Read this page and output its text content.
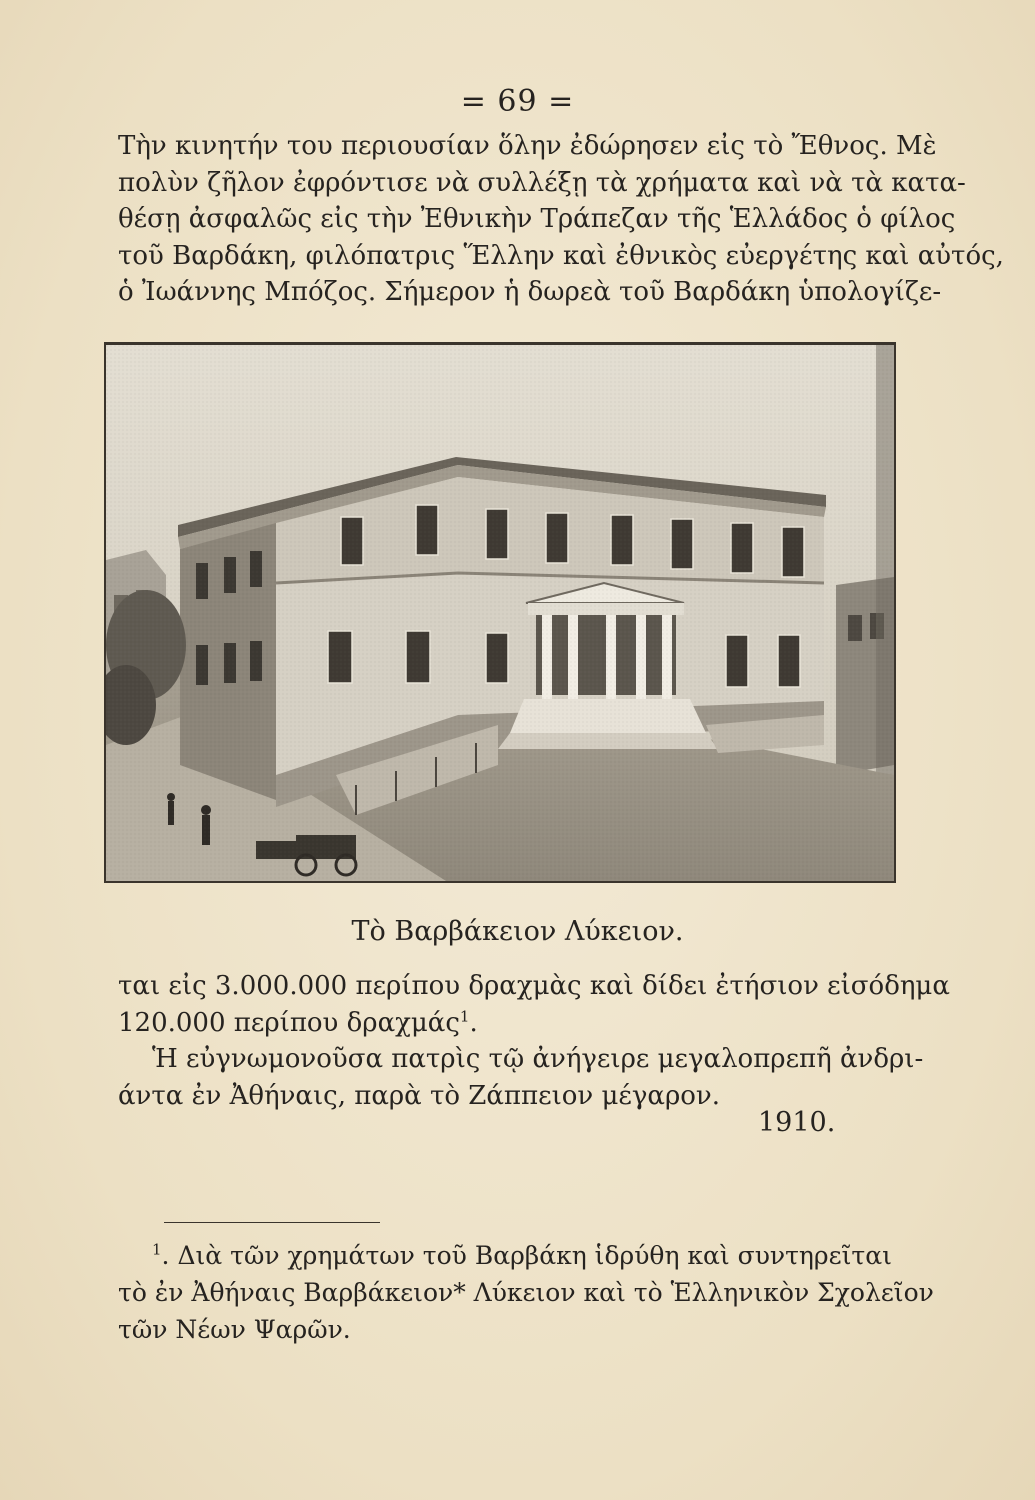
= 69 =
Τὴν κινητήν του περιουσίαν ὅλην ἐδώρησεν εἰς τὸ Ἔθνος. Μὲ
πολὺν ζῆλον ἐφρόντισε νὰ συλλέξῃ τὰ χρήματα καὶ νὰ τὰ κατα-
θέσῃ ἀσφαλῶς εἰς τὴν Ἐθνικὴν Τράπεζαν τῆς Ἑλλάδος ὁ φίλος
τοῦ Βαρδάκη, φιλόπατρις Ἕλλην καὶ ἐθνικὸς εὐεργέτης καὶ αὐτός,
ὁ Ἰωάννης Μπόζος. Σήμερον ἡ δωρεὰ τοῦ Βαρδάκη ὑπολογίζε-
Τὸ Βαρβάκειον Λύκειον.
ται εἰς 3.000.000 περίπου δραχμὰς καὶ δίδει ἐτήσιον εἰσόδημα
120.000 περίπου δραχμάς$^1$.
Ἡ εὐγνωμονοῦσα πατρὶς τῷ ἀνήγειρε μεγαλοπρεπῆ ἀνδρι-
άντα ἐν Ἀθήναις, παρὰ τὸ Ζάππειον μέγαρον.
1910.
$^1$. Διὰ τῶν χρημάτων τοῦ Βαρβάκη ἱδρύθη καὶ συντηρεῖται
τὸ ἐν Ἀθήναις Βαρβάκειον* Λύκειον καὶ τὸ Ἑλληνικὸν Σχολεῖον
τῶν Νέων Ψαρῶν.
